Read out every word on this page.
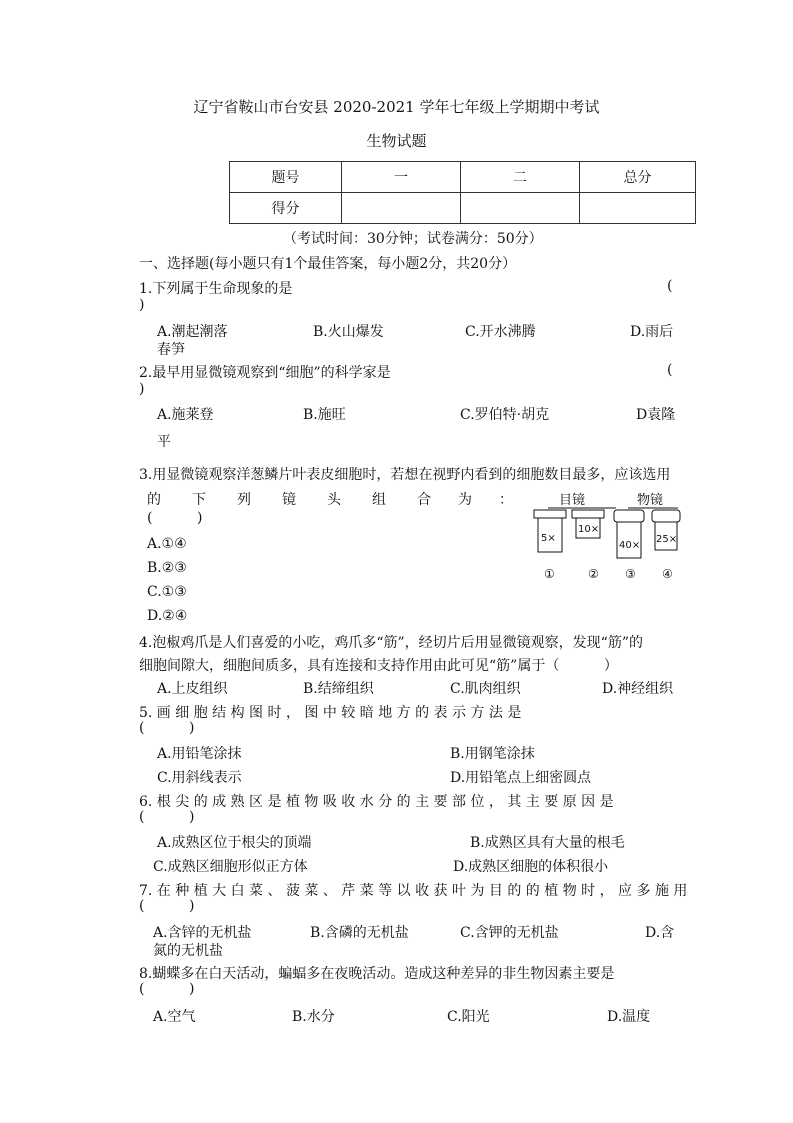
辽宁省鞍山市台安县 2020-2021 学年七年级上学期期中考试
生物试题
题号	一	二	总分
得分			
（考试时间：30分钟；试卷满分：50分）
一、选择题(每小题只有1个最佳答案，每小题2分，共20分）
1.下列属于生命现象的是	(
)
A.潮起潮落	B.火山爆发	C.开水沸腾	D.雨后
春笋
2.最早用显微镜观察到“细胞”的科学家是	(
)
A.施莱登	B.施旺	C.罗伯特·胡克	D袁隆
平
3.用显微镜观察洋葱鳞片叶表皮细胞时，若想在视野内看到的细胞数目最多，应该选用
的 下 列 镜 头 组 合 为 ：
(          )
A.①④
B.②③
C.①③
D.②④
目镜	物镜
5×
10×
40×
25×
①	② ③ ④
4.泡椒鸡爪是人们喜爱的小吃，鸡爪多“筋”，经切片后用显微镜观察，发现“筋”的
细胞间隙大，细胞间质多，具有连接和支持作用由此可见“筋”属于（          ）
A.上皮组织	B.结缔组织	C.肌肉组织	D.神经组织
5. 画 细 胞 结 构 图 时 ， 图 中 较 暗 地 方 的 表 示 方 法 是
(          )
A.用铅笔涂抹	B.用钢笔涂抹
C.用斜线表示	D.用铅笔点上细密圆点
6. 根 尖 的 成 熟 区 是 植 物 吸 收 水 分 的 主 要 部 位 ， 其 主 要 原 因 是
(          )
A.成熟区位于根尖的顶端	B.成熟区具有大量的根毛
C.成熟区细胞形似正方体	D.成熟区细胞的体积很小
7. 在 种 植 大 白 菜 、 菠 菜 、 芹 菜 等 以 收 获 叶 为 目 的 的 植 物 时 ， 应 多 施 用
(          )
A.含锌的无机盐	B.含磷的无机盐	C.含钾的无机盐	D.含
氮的无机盐
8.蝴蝶多在白天活动，蝙蝠多在夜晚活动。造成这种差异的非生物因素主要是
(          )
A.空气	B.水分	C.阳光	D.温度
